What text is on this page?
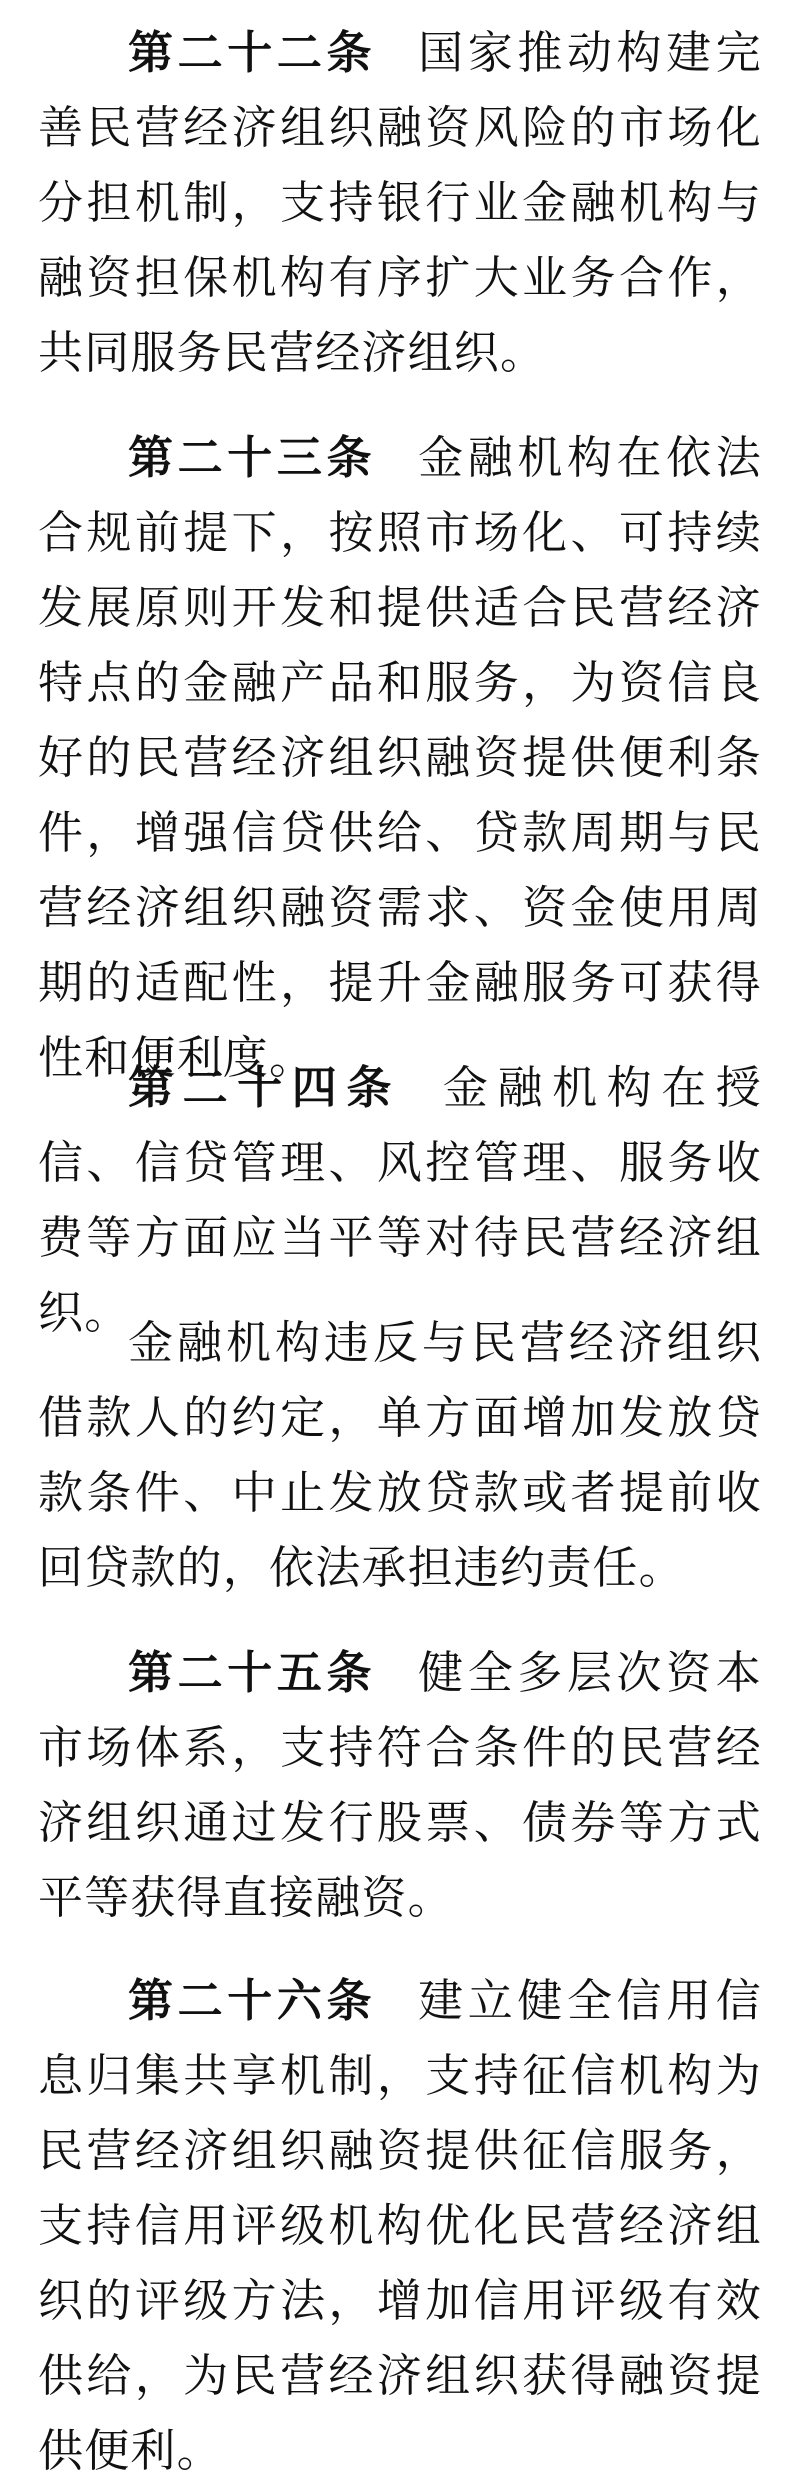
第二十二条 国家推动构建完善民营经济组织融资风险的市场化分担机制，支持银行业金融机构与融资担保机构有序扩大业务合作，共同服务民营经济组织。

第二十三条 金融机构在依法合规前提下，按照市场化、可持续发展原则开发和提供适合民营经济特点的金融产品和服务，为资信良好的民营经济组织融资提供便利条件，增强信贷供给、贷款周期与民营经济组织融资需求、资金使用周期的适配性，提升金融服务可获得性和便利度。

第二十四条 金融机构在授信、信贷管理、风控管理、服务收费等方面应当平等对待民营经济组织。

金融机构违反与民营经济组织借款人的约定，单方面增加发放贷款条件、中止发放贷款或者提前收回贷款的，依法承担违约责任。

第二十五条 健全多层次资本市场体系，支持符合条件的民营经济组织通过发行股票、债券等方式平等获得直接融资。

第二十六条 建立健全信用信息归集共享机制，支持征信机构为民营经济组织融资提供征信服务，支持信用评级机构优化民营经济组织的评级方法，增加信用评级有效供给，为民营经济组织获得融资提供便利。
